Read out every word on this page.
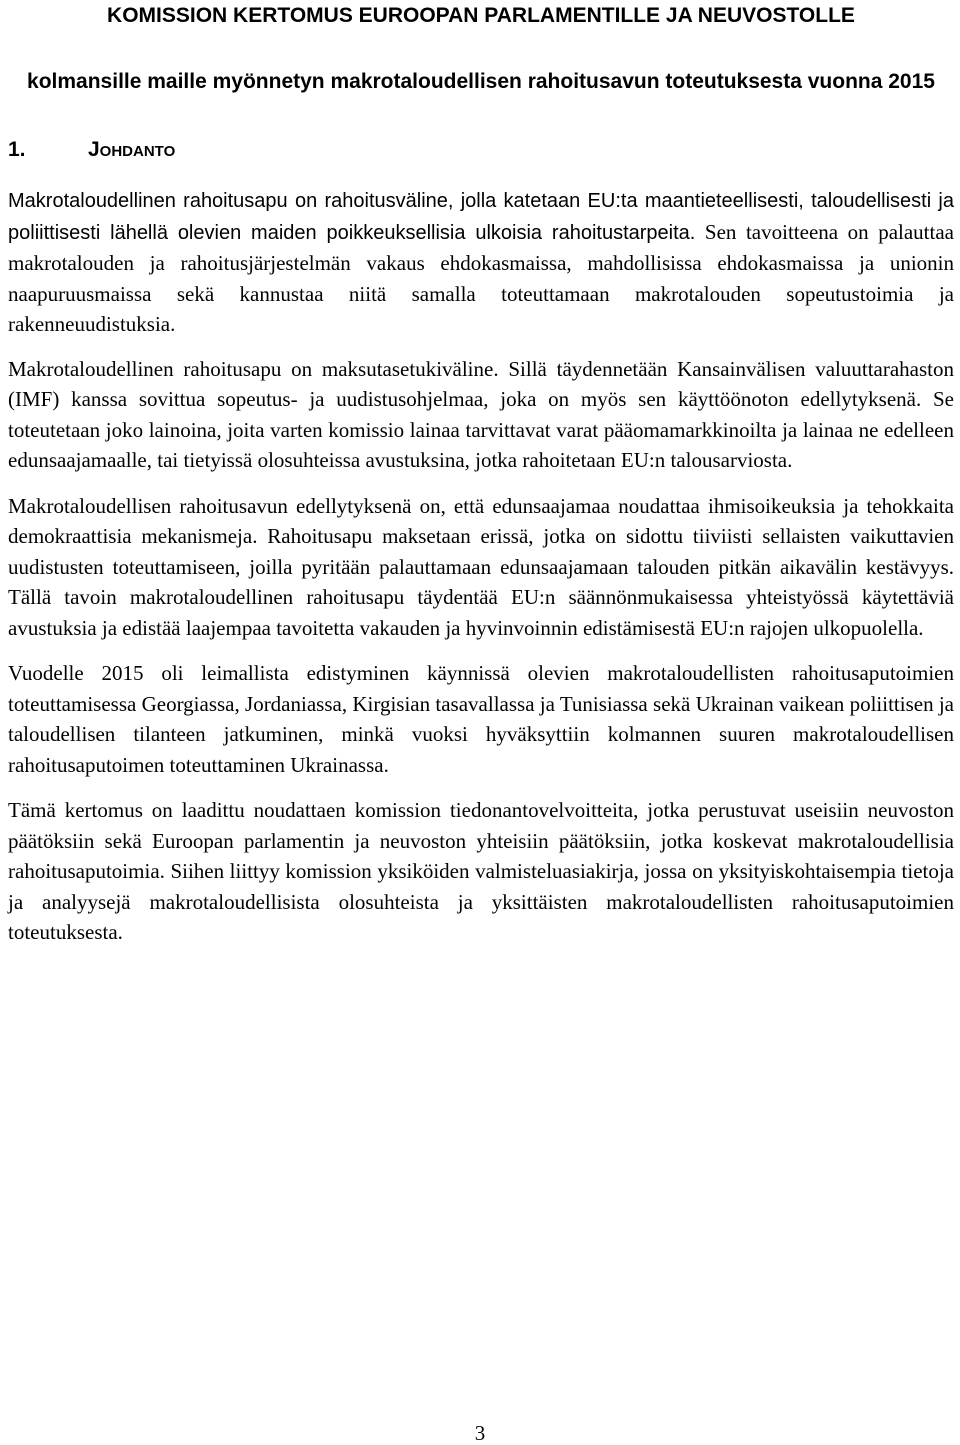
KOMISSION KERTOMUS EUROOPAN PARLAMENTILLE JA NEUVOSTOLLE
kolmansille maille myönnetyn makrotaloudellisen rahoitusavun toteutuksesta vuonna 2015
1.	Johdanto

Makrotaloudellinen rahoitusapu on rahoitusväline, jolla katetaan EU:ta maantieteellisesti, taloudellisesti ja poliittisesti lähellä olevien maiden poikkeuksellisia ulkoisia rahoitustarpeita. Sen tavoitteena on palauttaa makrotalouden ja rahoitusjärjestelmän vakaus ehdokasmaissa, mahdollisissa ehdokasmaissa ja unionin naapuruusmaissa sekä kannustaa niitä samalla toteuttamaan makrotalouden sopeutustoimia ja rakenneuudistuksia.

Makrotaloudellinen rahoitusapu on maksutasetukiväline. Sillä täydennetään Kansainvälisen valuuttarahaston (IMF) kanssa sovittua sopeutus- ja uudistusohjelmaa, joka on myös sen käyttöönoton edellytyksenä. Se toteutetaan joko lainoina, joita varten komissio lainaa tarvittavat varat pääomamarkkinoilta ja lainaa ne edelleen edunsaajamaalle, tai tietyissä olosuhteissa avustuksina, jotka rahoitetaan EU:n talousarviosta.

Makrotaloudellisen rahoitusavun edellytyksenä on, että edunsaajamaa noudattaa ihmisoikeuksia ja tehokkaita demokraattisia mekanismeja. Rahoitusapu maksetaan erissä, jotka on sidottu tiiviisti sellaisten vaikuttavien uudistusten toteuttamiseen, joilla pyritään palauttamaan edunsaajamaan talouden pitkän aikavälin kestävyys. Tällä tavoin makrotaloudellinen rahoitusapu täydentää EU:n säännönmukaisessa yhteistyössä käytettäviä avustuksia ja edistää laajempaa tavoitetta vakauden ja hyvinvoinnin edistämisestä EU:n rajojen ulkopuolella.

Vuodelle 2015 oli leimallista edistyminen käynnissä olevien makrotaloudellisten rahoitusaputoimien toteuttamisessa Georgiassa, Jordaniassa, Kirgisian tasavallassa ja Tunisiassa sekä Ukrainan vaikean poliittisen ja taloudellisen tilanteen jatkuminen, minkä vuoksi hyväksyttiin kolmannen suuren makrotaloudellisen rahoitusaputoimen toteuttaminen Ukrainassa.

Tämä kertomus on laadittu noudattaen komission tiedonantovelvoitteita, jotka perustuvat useisiin neuvoston päätöksiin sekä Euroopan parlamentin ja neuvoston yhteisiin päätöksiin, jotka koskevat makrotaloudellisia rahoitusaputoimia. Siihen liittyy komission yksiköiden valmisteluasiakirja, jossa on yksityiskohtaisempia tietoja ja analyysejä makrotaloudellisista olosuhteista ja yksittäisten makrotaloudellisten rahoitusaputoimien toteutuksesta.

3
